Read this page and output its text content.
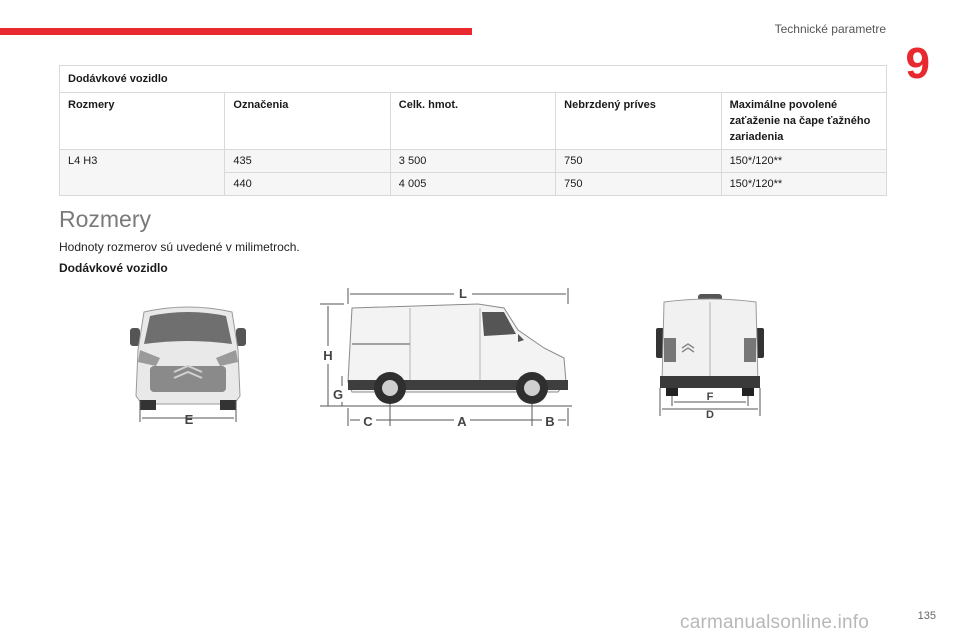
Technické parametre
9
Dodávkové vozidlo				
Rozmery	Označenia	Celk. hmot.	Nebrzdený príves	Maximálne povolené zaťaženie na čape ťažného zariadenia
L4 H3	435	3 500	750	150*/120**
	440	4 005	750	150*/120**
Rozmery
Hodnoty rozmerov sú uvedené v milimetroch.
Dodávkové vozidlo
E
L
H
G
C	A	B
F
D
135
carmanualsonline.info
